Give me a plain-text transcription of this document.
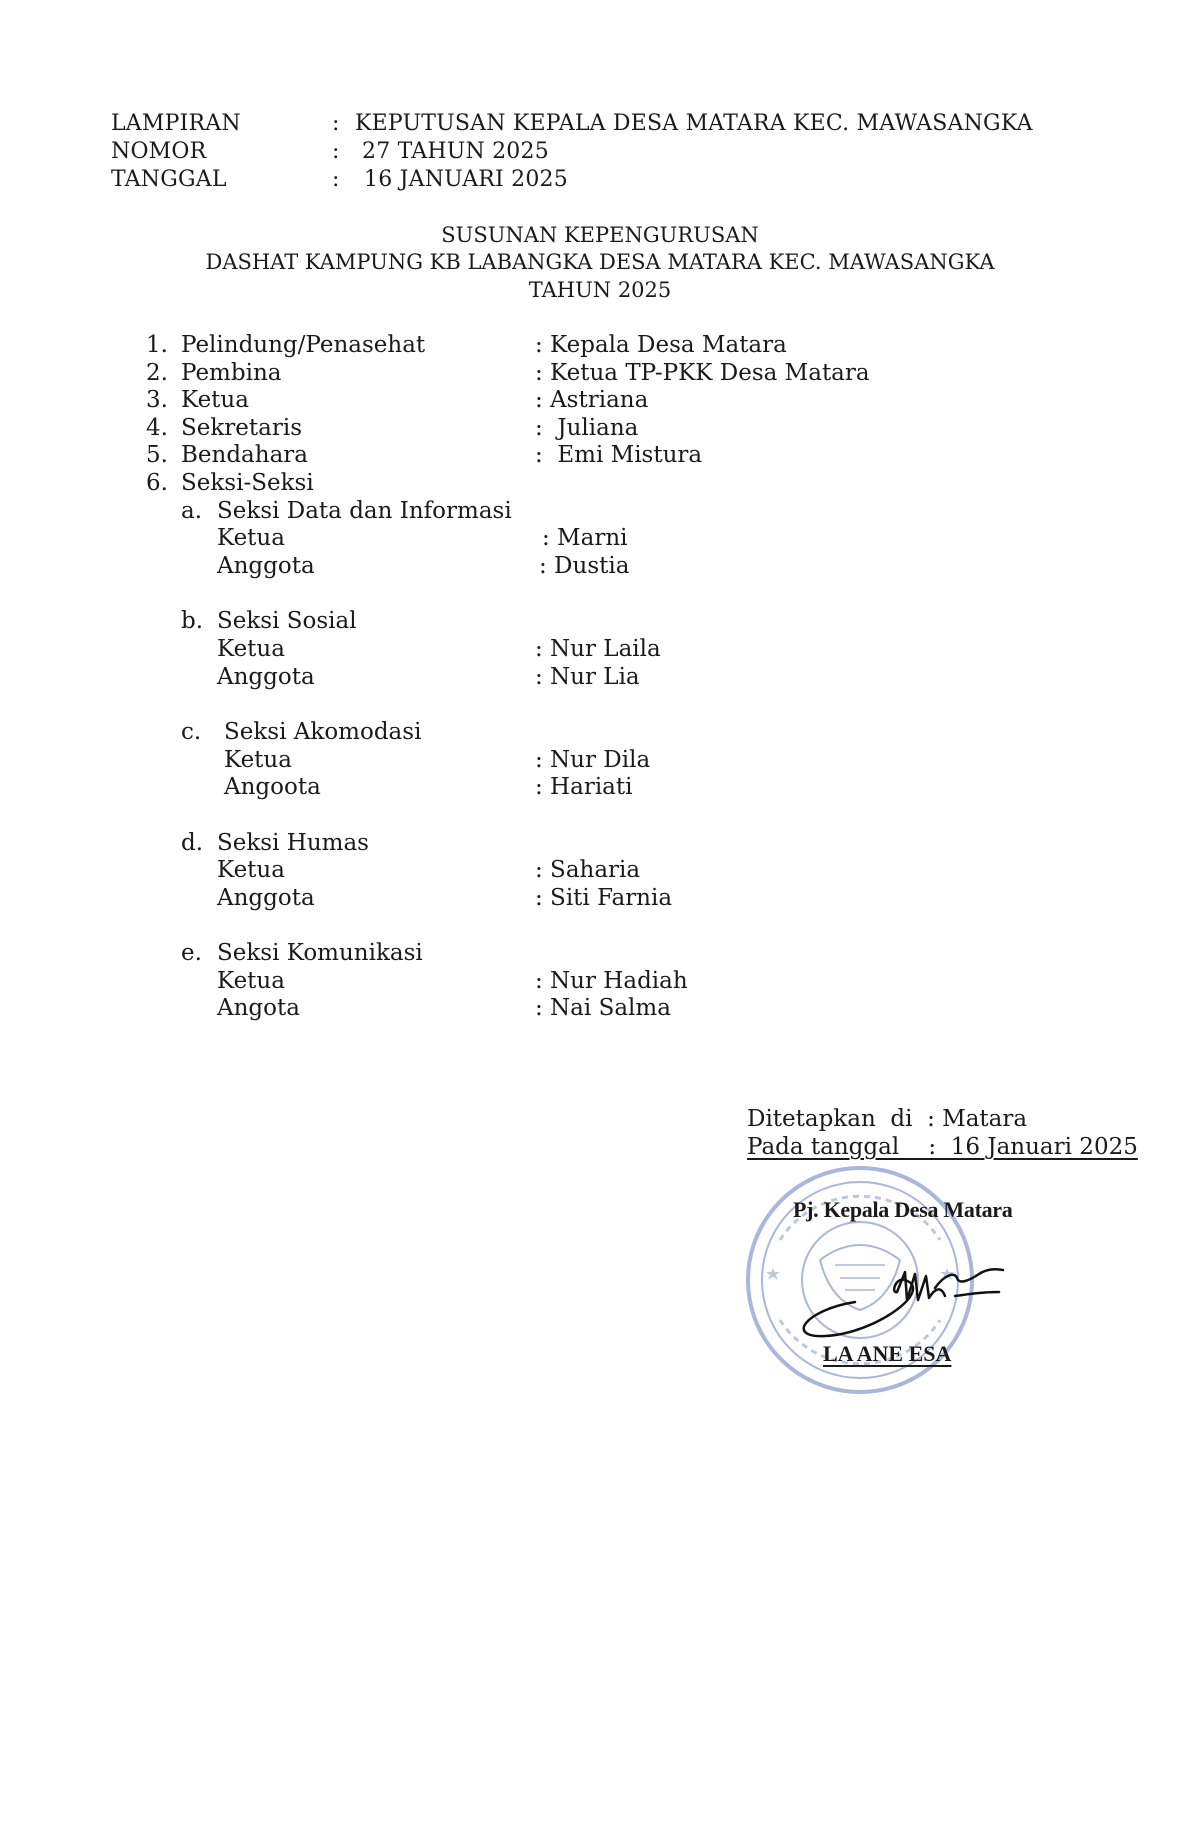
LAMPIRAN	: KEPUTUSAN KEPALA DESA MATARA KEC. MAWASANGKA
NOMOR	: 27 TAHUN 2025
TANGGAL	: 16 JANUARI 2025
SUSUNAN KEPENGURUSAN
DASHAT KAMPUNG KB LABANGKA DESA MATARA KEC. MAWASANGKA
TAHUN 2025
1. Pelindung/Penasehat	: Kepala Desa Matara
2. Pembina	: Ketua TP-PKK Desa Matara
3. Ketua	: Astriana
4. Sekretaris	:  Juliana
5. Bendahara	:  Emi Mistura
6. Seksi-Seksi
a. Seksi Data dan Informasi
Ketua	: Marni
Anggota	: Dustia
b. Seksi Sosial
Ketua	: Nur Laila
Anggota	: Nur Lia
c. Seksi Akomodasi
Ketua	: Nur Dila
Angoota	: Hariati
d. Seksi Humas
Ketua	: Saharia
Anggota	: Siti Farnia
e. Seksi Komunikasi
Ketua	: Nur Hadiah
Angota	: Nai Salma
Ditetapkan  di  : Matara
Pada tanggal    :  16 Januari 2025
Pj. Kepala Desa Matara
LA ANE ESA
